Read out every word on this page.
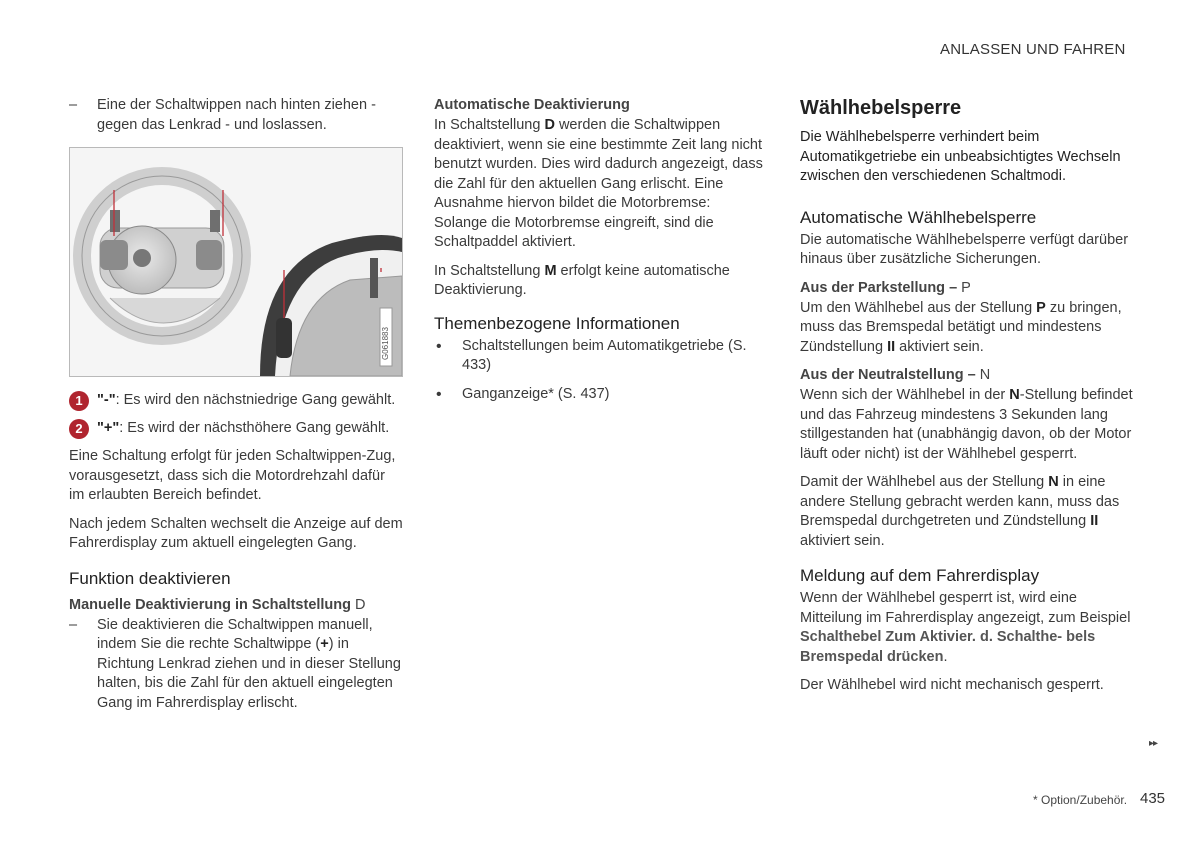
ANLASSEN UND FAHREN
– Eine der Schaltwippen nach hinten ziehen - gegen das Lenkrad - und loslassen.
G061883
1 "-": Es wird den nächstniedrige Gang gewählt.
2 "+": Es wird der nächsthöhere Gang gewählt.

Eine Schaltung erfolgt für jeden Schaltwippen-Zug, vorausgesetzt, dass sich die Motordrehzahl dafür im erlaubten Bereich befindet.

Nach jedem Schalten wechselt die Anzeige auf dem Fahrerdisplay zum aktuell eingelegten Gang.

Funktion deaktivieren
Manuelle Deaktivierung in Schaltstellung D
– Sie deaktivieren die Schaltwippen manuell, indem Sie die rechte Schaltwippe (+) in Richtung Lenkrad ziehen und in dieser Stellung halten, bis die Zahl für den aktuell eingelegten Gang im Fahrerdisplay erlischt.
Automatische Deaktivierung

In Schaltstellung D werden die Schaltwippen deaktiviert, wenn sie eine bestimmte Zeit lang nicht benutzt wurden. Dies wird dadurch angezeigt, dass die Zahl für den aktuellen Gang erlischt. Eine Ausnahme hiervon bildet die Motorbremse: Solange die Motorbremse eingreift, sind die Schaltpaddel aktiviert.

In Schaltstellung M erfolgt keine automatische Deaktivierung.

Themenbezogene Informationen
• Schaltstellungen beim Automatikgetriebe (S. 433)
• Ganganzeige* (S. 437)
Wählhebelsperre

Die Wählhebelsperre verhindert beim Automatikgetriebe ein unbeabsichtigtes Wechseln zwischen den verschiedenen Schaltmodi.

Automatische Wählhebelsperre

Die automatische Wählhebelsperre verfügt darüber hinaus über zusätzliche Sicherungen.

Aus der Parkstellung – P

Um den Wählhebel aus der Stellung P zu bringen, muss das Bremspedal betätigt und mindestens Zündstellung II aktiviert sein.

Aus der Neutralstellung – N

Wenn sich der Wählhebel in der N-Stellung befindet und das Fahrzeug mindestens 3 Sekunden lang stillgestanden hat (unabhängig davon, ob der Motor läuft oder nicht) ist der Wählhebel gesperrt.

Damit der Wählhebel aus der Stellung N in eine andere Stellung gebracht werden kann, muss das Bremspedal durchgetreten und Zündstellung II aktiviert sein.

Meldung auf dem Fahrerdisplay

Wenn der Wählhebel gesperrt ist, wird eine Mitteilung im Fahrerdisplay angezeigt, zum Beispiel Schalthebel Zum Aktivier. d. Schalthe- bels Bremspedal drücken.

Der Wählhebel wird nicht mechanisch gesperrt.

▸▸
* Option/Zubehör. 435
